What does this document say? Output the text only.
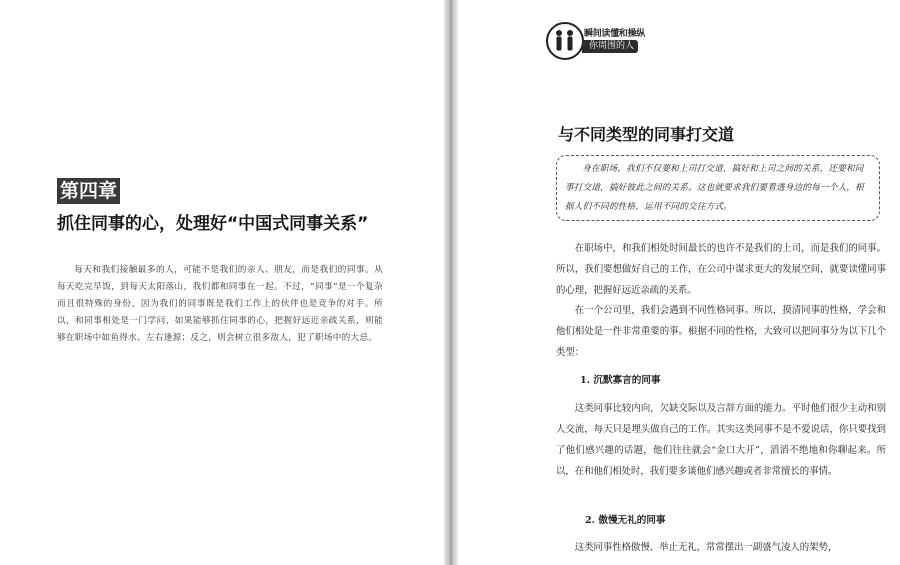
第四章
抓住同事的心，处理好“中国式同事关系”

每天和我们接触最多的人，可能不是我们的亲人、朋友，而是我们的同事。从每天吃完早饭，到每天太阳落山，我们都和同事在一起。不过，“同事”是一个复杂而且很特殊的身份，因为我们的同事既是我们工作上的伙伴也是竞争的对手。所以，和同事相处是一门学问，如果能够抓住同事的心，把握好远近亲疏关系，则能够在职场中如鱼得水、左右逢源；反之，则会树立很多敌人，犯了职场中的大忌。

瞬间读懂和操纵
你周围的人
与不同类型的同事打交道

身在职场，我们不仅要和上司打交道，搞好和上司之间的关系，还要和同事打交道，搞好彼此之间的关系。这也就要求我们要看透身边的每一个人，根据人们不同的性格，运用不同的交往方式。

在职场中，和我们相处时间最长的也许不是我们的上司，而是我们的同事。所以，我们要想做好自己的工作，在公司中谋求更大的发展空间，就要读懂同事的心理，把握好远近亲疏的关系。

在一个公司里，我们会遇到不同性格同事。所以，摸清同事的性格，学会和他们相处是一件非常重要的事。根据不同的性格，大致可以把同事分为以下几个类型：

1. 沉默寡言的同事

这类同事比较内向，欠缺交际以及言辞方面的能力。平时他们很少主动和别人交流，每天只是埋头做自己的工作。其实这类同事不是不爱说话，你只要找到了他们感兴趣的话题，他们往往就会“金口大开”，滔滔不绝地和你聊起来。所以，在和他们相处时，我们要多谈他们感兴趣或者非常擅长的事情。

2. 傲慢无礼的同事

这类同事性格傲慢、举止无礼，常常摆出一副盛气凌人的架势，
